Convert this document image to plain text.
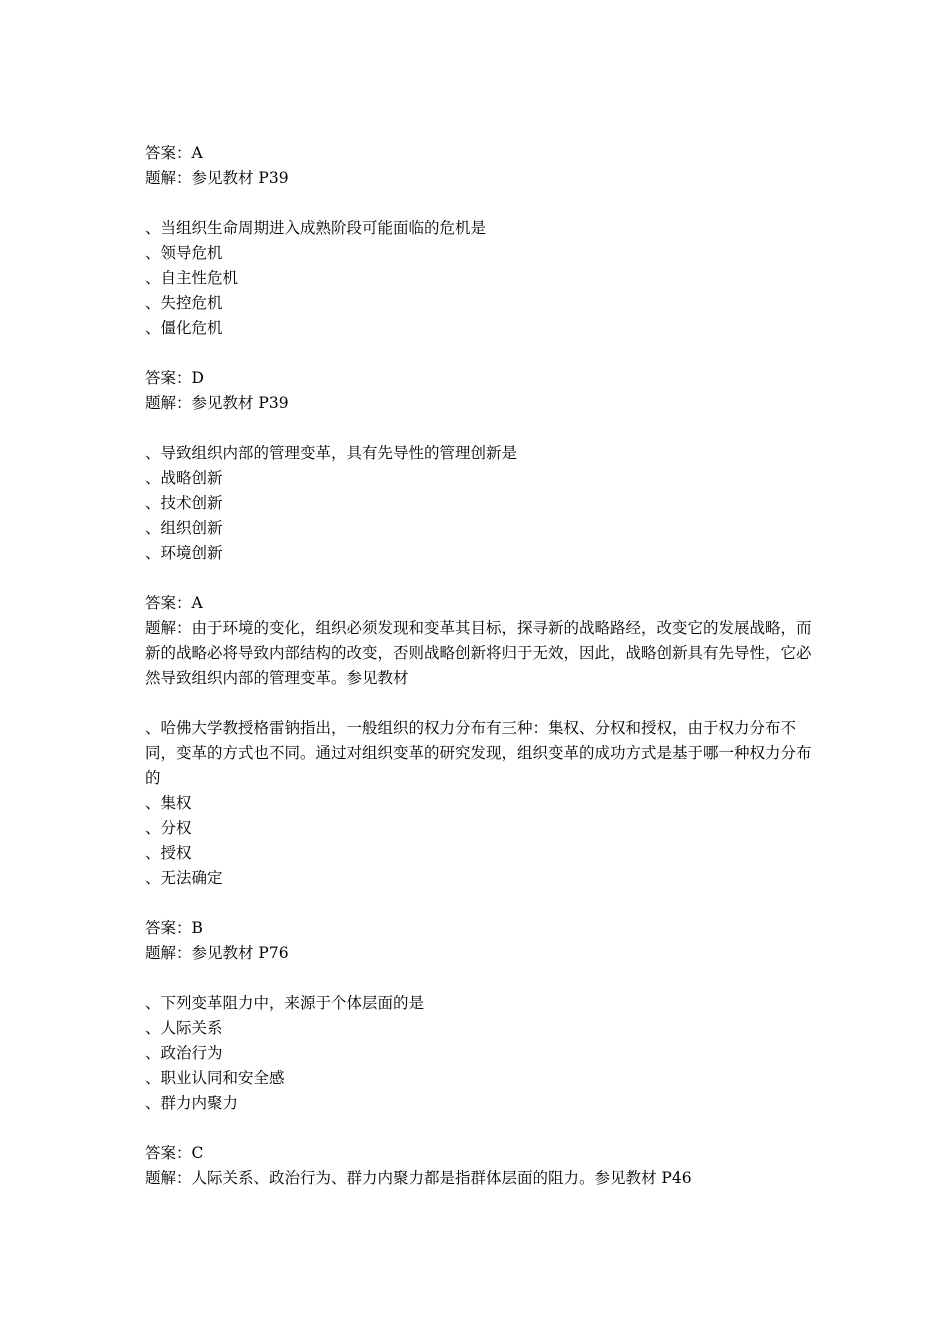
答案：A
题解：参见教材 P39
、当组织生命周期进入成熟阶段可能面临的危机是
、领导危机
、自主性危机
、失控危机
、僵化危机
答案：D
题解：参见教材 P39
、导致组织内部的管理变革，具有先导性的管理创新是
、战略创新
、技术创新
、组织创新
、环境创新
答案：A
题解：由于环境的变化，组织必须发现和变革其目标，探寻新的战略路经，改变它的发展战略，而新的战略必将导致内部结构的改变，否则战略创新将归于无效，因此，战略创新具有先导性，它必然导致组织内部的管理变革。参见教材
、哈佛大学教授格雷钠指出，一般组织的权力分布有三种：集权、分权和授权，由于权力分布不同，变革的方式也不同。通过对组织变革的研究发现，组织变革的成功方式是基于哪一种权力分布的
、集权
、分权
、授权
、无法确定
答案：B
题解：参见教材 P76
、下列变革阻力中，来源于个体层面的是
、人际关系
、政治行为
、职业认同和安全感
、群力内聚力
答案：C
题解：人际关系、政治行为、群力内聚力都是指群体层面的阻力。参见教材 P46
